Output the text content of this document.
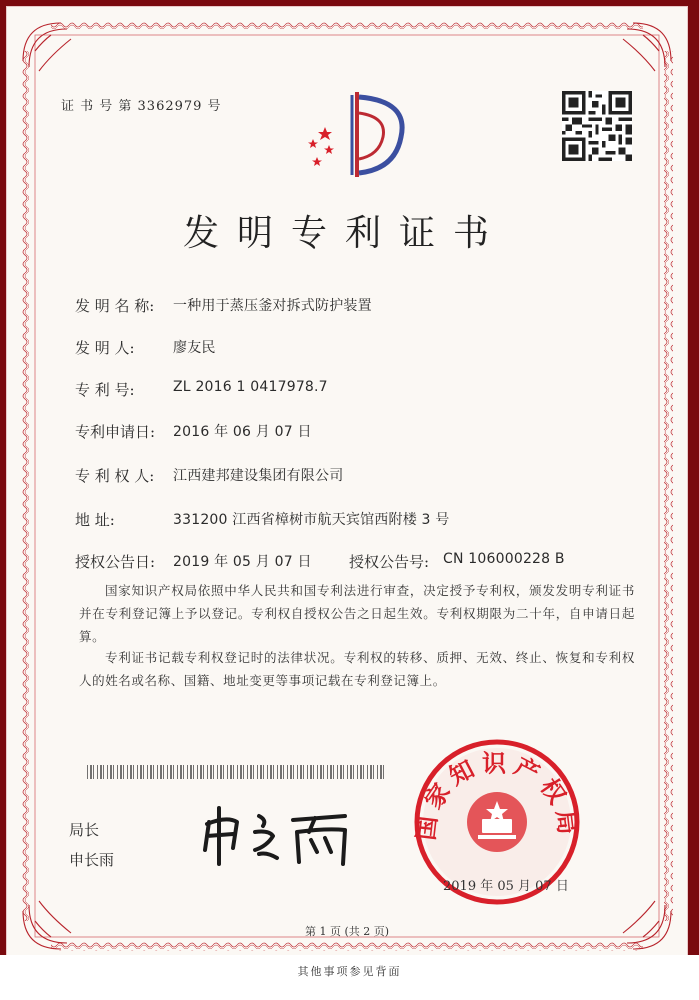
证 书 号 第 3362979 号
发明专利证书
发 明 名 称: 一种用于蒸压釜对拆式防护装置
发 明 人:	廖友民
专 利 号:	ZL 2016 1 0417978.7
专利申请日: 2016 年 06 月 07 日
专 利 权 人: 江西建邦建设集团有限公司
地 址:	331200 江西省樟树市航天宾馆西附楼 3 号
授权公告日: 2019 年 05 月 07 日 授权公告号: CN 106000228 B
国家知识产权局依照中华人民共和国专利法进行审查，决定授予专利权，颁发发明专利证书并在专利登记簿上予以登记。专利权自授权公告之日起生效。专利权期限为二十年，自申请日起算。
专利证书记载专利权登记时的法律状况。专利权的转移、质押、无效、终止、恢复和专利权人的姓名或名称、国籍、地址变更等事项记载在专利登记簿上。
局长
申长雨
国家知识产权局
2019 年 05 月 07 日
第 1 页 (共 2 页)
其他事项参见背面
